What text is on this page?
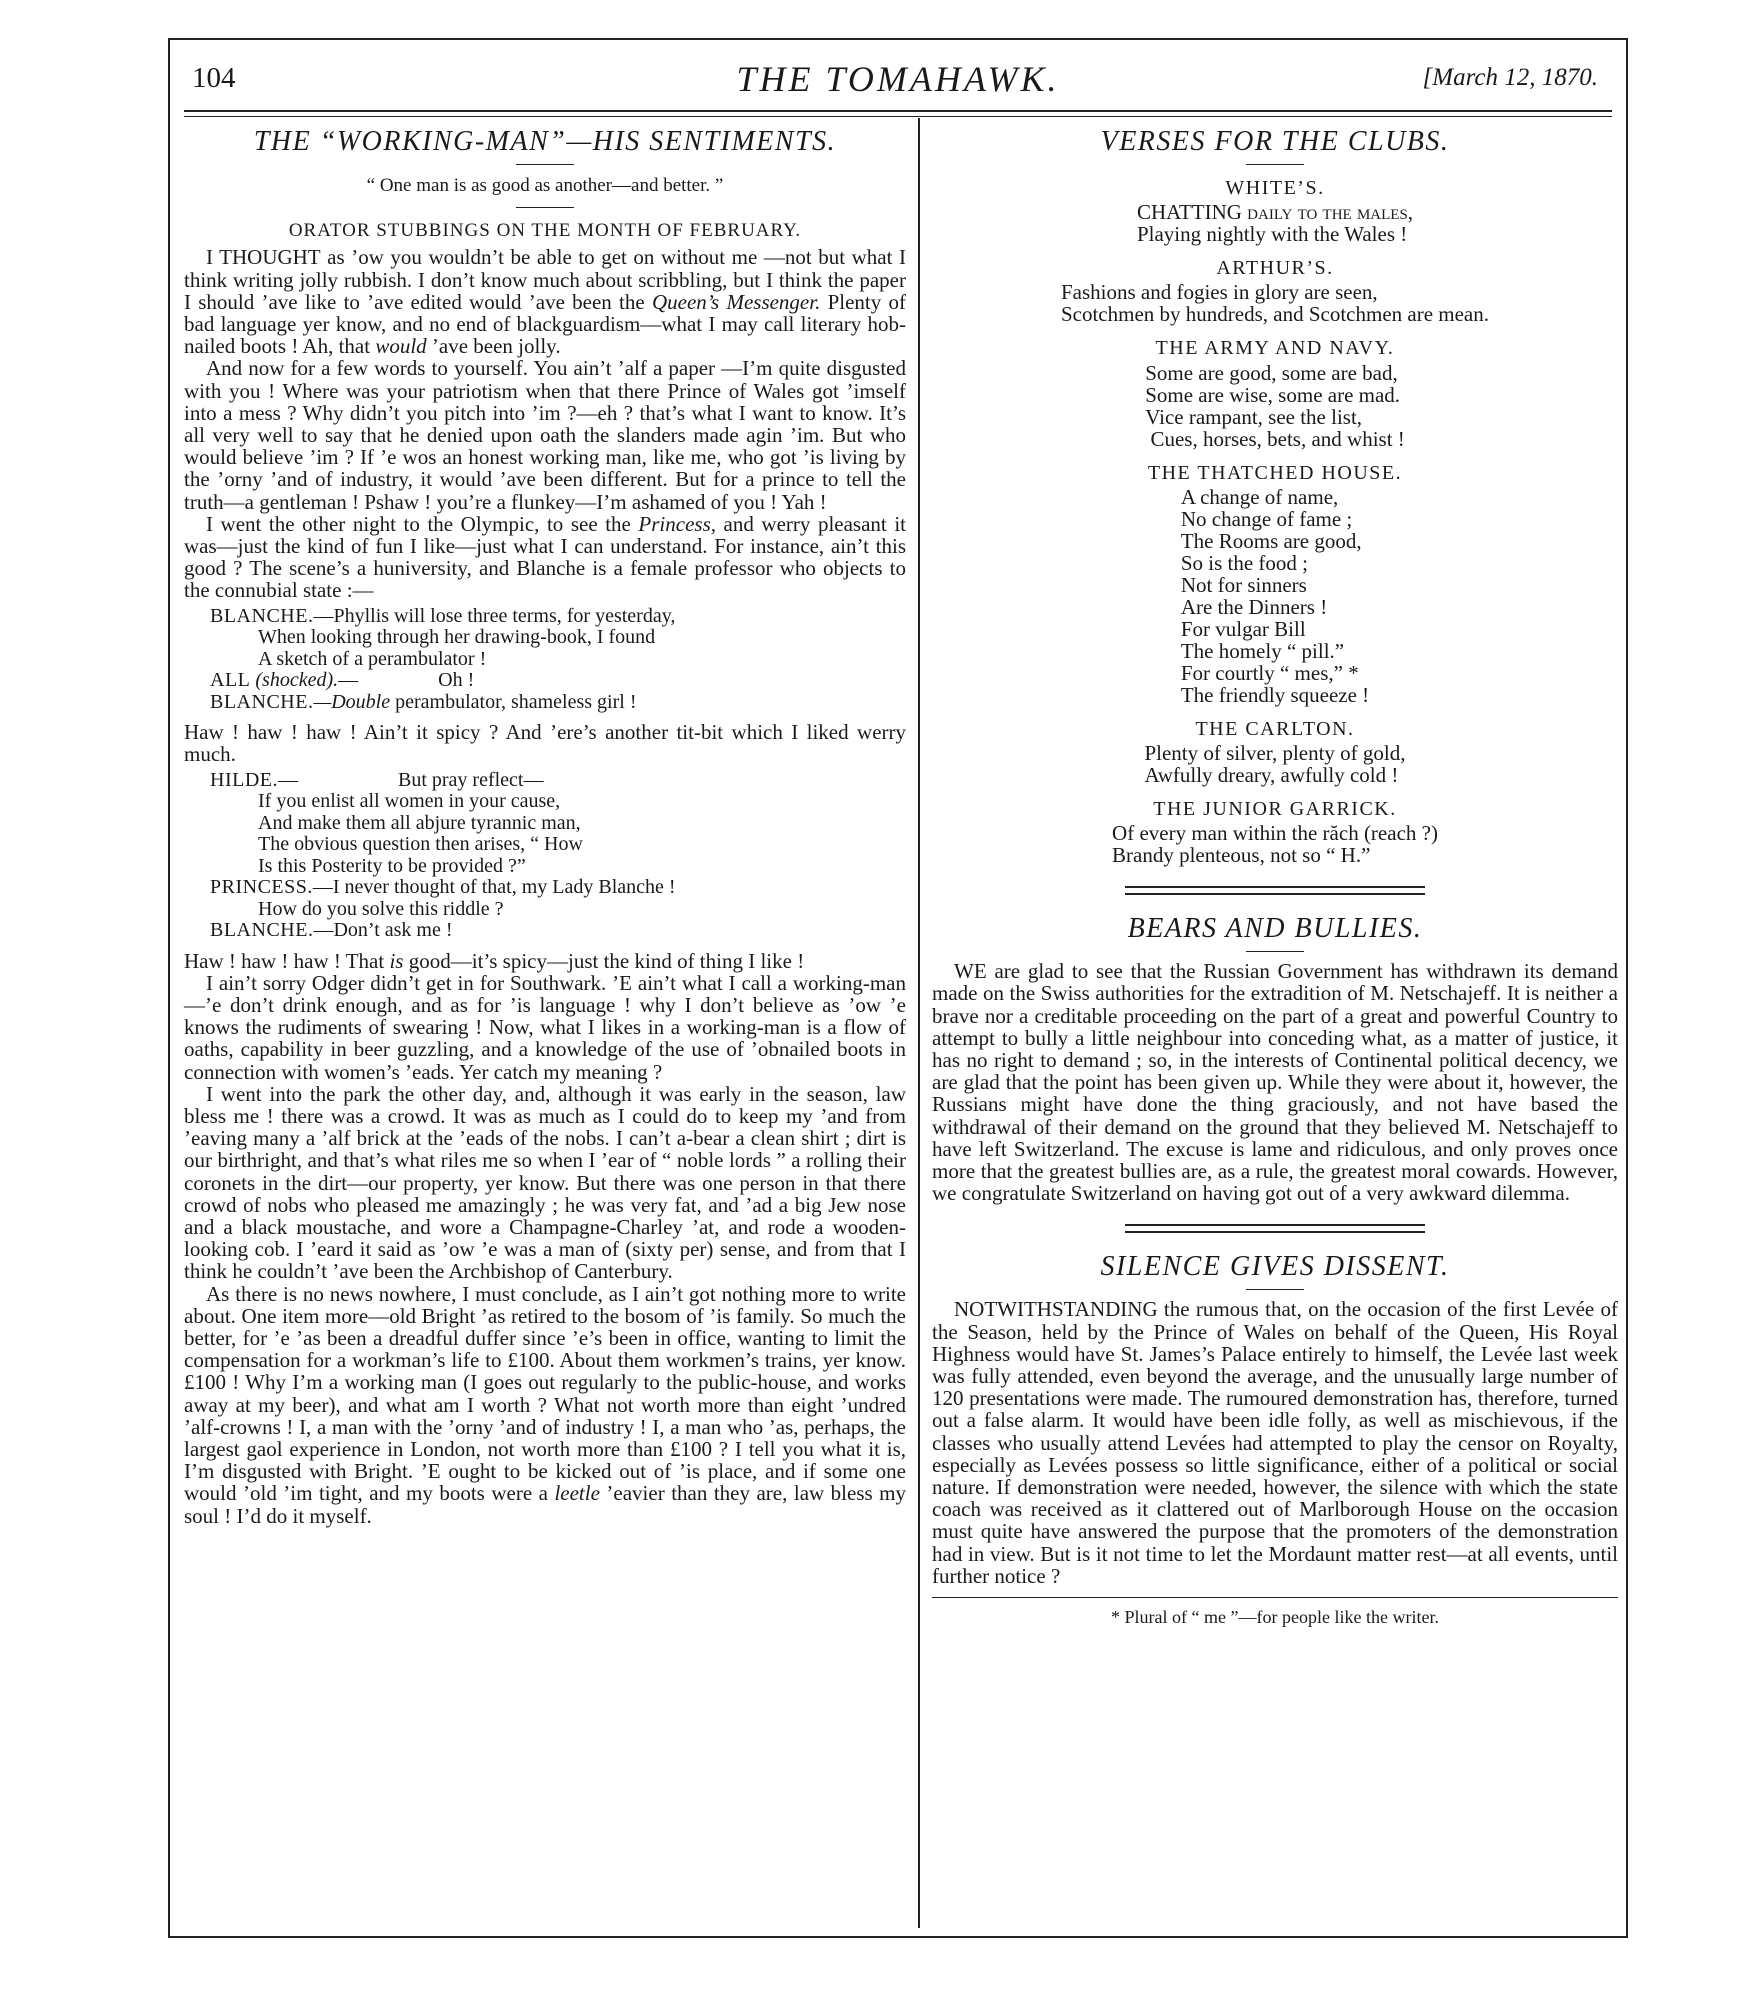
104	THE TOMAHAWK.	[March 12, 1870.
THE “WORKING-MAN”—HIS SENTIMENTS.
“ One man is as good as another—and better. ”
ORATOR STUBBINGS ON THE MONTH OF FEBRUARY.

I THOUGHT as ’ow you wouldn’t be able to get on without me —not but what I think writing jolly rubbish. I don’t know much about scribbling, but I think the paper I should ’ave like to ’ave edited would ’ave been the Queen’s Messenger. Plenty of bad language yer know, and no end of blackguardism—what I may call literary hob-nailed boots ! Ah, that would ’ave been jolly.

And now for a few words to yourself. You ain’t ’alf a paper —I’m quite disgusted with you ! Where was your patriotism when that there Prince of Wales got ’imself into a mess ? Why didn’t you pitch into ’im ?—eh ? that’s what I want to know. It’s all very well to say that he denied upon oath the slanders made agin ’im. But who would believe ’im ? If ’e wos an honest working man, like me, who got ’is living by the ’orny ’and of industry, it would ’ave been different. But for a prince to tell the truth—a gentleman ! Pshaw ! you’re a flunkey—I’m ashamed of you ! Yah !

I went the other night to the Olympic, to see the Princess, and werry pleasant it was—just the kind of fun I like—just what I can understand. For instance, ain’t this good ? The scene’s a huniversity, and Blanche is a female professor who objects to the connubial state :—

BLANCHE.—Phyllis will lose three terms, for yesterday,
When looking through her drawing-book, I found
A sketch of a perambulator !
ALL (shocked).—                Oh !
BLANCHE.—Double perambulator, shameless girl !

Haw ! haw ! haw ! Ain’t it spicy ? And ’ere’s another tit-bit which I liked werry much.

HILDE.—                    But pray reflect—
If you enlist all women in your cause,
And make them all abjure tyrannic man,
The obvious question then arises, “ How
Is this Posterity to be provided ?”
PRINCESS.—I never thought of that, my Lady Blanche !
How do you solve this riddle ?
BLANCHE.—Don’t ask me !

Haw ! haw ! haw ! That is good—it’s spicy—just the kind of thing I like !

I ain’t sorry Odger didn’t get in for Southwark. ’E ain’t what I call a working-man—’e don’t drink enough, and as for ’is language ! why I don’t believe as ’ow ’e knows the rudiments of swearing ! Now, what I likes in a working-man is a flow of oaths, capability in beer guzzling, and a knowledge of the use of ’obnailed boots in connection with women’s ’eads. Yer catch my meaning ?

I went into the park the other day, and, although it was early in the season, law bless me ! there was a crowd. It was as much as I could do to keep my ’and from ’eaving many a ’alf brick at the ’eads of the nobs. I can’t a-bear a clean shirt ; dirt is our birthright, and that’s what riles me so when I ’ear of “ noble lords ” a rolling their coronets in the dirt—our property, yer know. But there was one person in that there crowd of nobs who pleased me amazingly ; he was very fat, and ’ad a big Jew nose and a black moustache, and wore a Champagne-Charley ’at, and rode a wooden-looking cob. I ’eard it said as ’ow ’e was a man of (sixty per) sense, and from that I think he couldn’t ’ave been the Archbishop of Canterbury.

As there is no news nowhere, I must conclude, as I ain’t got nothing more to write about. One item more—old Bright ’as retired to the bosom of ’is family. So much the better, for ’e ’as been a dreadful duffer since ’e’s been in office, wanting to limit the compensation for a workman’s life to £100. About them workmen’s trains, yer know. £100 ! Why I’m a working man (I goes out regularly to the public-house, and works away at my beer), and what am I worth ? What not worth more than eight ’undred ’alf-crowns ! I, a man with the ’orny ’and of industry ! I, a man who ’as, perhaps, the largest gaol experience in London, not worth more than £100 ? I tell you what it is, I’m disgusted with Bright. ’E ought to be kicked out of ’is place, and if some one would ’old ’im tight, and my boots were a leetle ’eavier than they are, law bless my soul ! I’d do it myself.

VERSES FOR THE CLUBS.
WHITE’S.
CHATTING daily to the males,
Playing nightly with the Wales !
ARTHUR’S.
Fashions and fogies in glory are seen,
Scotchmen by hundreds, and Scotchmen are mean.
THE ARMY AND NAVY.
Some are good, some are bad,
Some are wise, some are mad.
Vice rampant, see the list,
Cues, horses, bets, and whist !
THE THATCHED HOUSE.
A change of name,
No change of fame ;
The Rooms are good,
So is the food ;
Not for sinners
Are the Dinners !
For vulgar Bill
The homely “ pill.”
For courtly “ mes,” *
The friendly squeeze !
THE CARLTON.
Plenty of silver, plenty of gold,
Awfully dreary, awfully cold !
THE JUNIOR GARRICK.
Of every man within the răch (reach ?)
Brandy plenteous, not so “ H.”
BEARS AND BULLIES.

WE are glad to see that the Russian Government has withdrawn its demand made on the Swiss authorities for the extradition of M. Netschajeff. It is neither a brave nor a creditable proceeding on the part of a great and powerful Country to attempt to bully a little neighbour into conceding what, as a matter of justice, it has no right to demand ; so, in the interests of Continental political decency, we are glad that the point has been given up. While they were about it, however, the Russians might have done the thing graciously, and not have based the withdrawal of their demand on the ground that they believed M. Netschajeff to have left Switzerland. The excuse is lame and ridiculous, and only proves once more that the greatest bullies are, as a rule, the greatest moral cowards. However, we congratulate Switzerland on having got out of a very awkward dilemma.

SILENCE GIVES DISSENT.

NOTWITHSTANDING the rumous that, on the occasion of the first Levée of the Season, held by the Prince of Wales on behalf of the Queen, His Royal Highness would have St. James’s Palace entirely to himself, the Levée last week was fully attended, even beyond the average, and the unusually large number of 120 presentations were made. The rumoured demonstration has, therefore, turned out a false alarm. It would have been idle folly, as well as mischievous, if the classes who usually attend Levées had attempted to play the censor on Royalty, especially as Levées possess so little significance, either of a political or social nature. If demonstration were needed, however, the silence with which the state coach was received as it clattered out of Marlborough House on the occasion must quite have answered the purpose that the promoters of the demonstration had in view. But is it not time to let the Mordaunt matter rest—at all events, until further notice ?

* Plural of “ me ”—for people like the writer.
